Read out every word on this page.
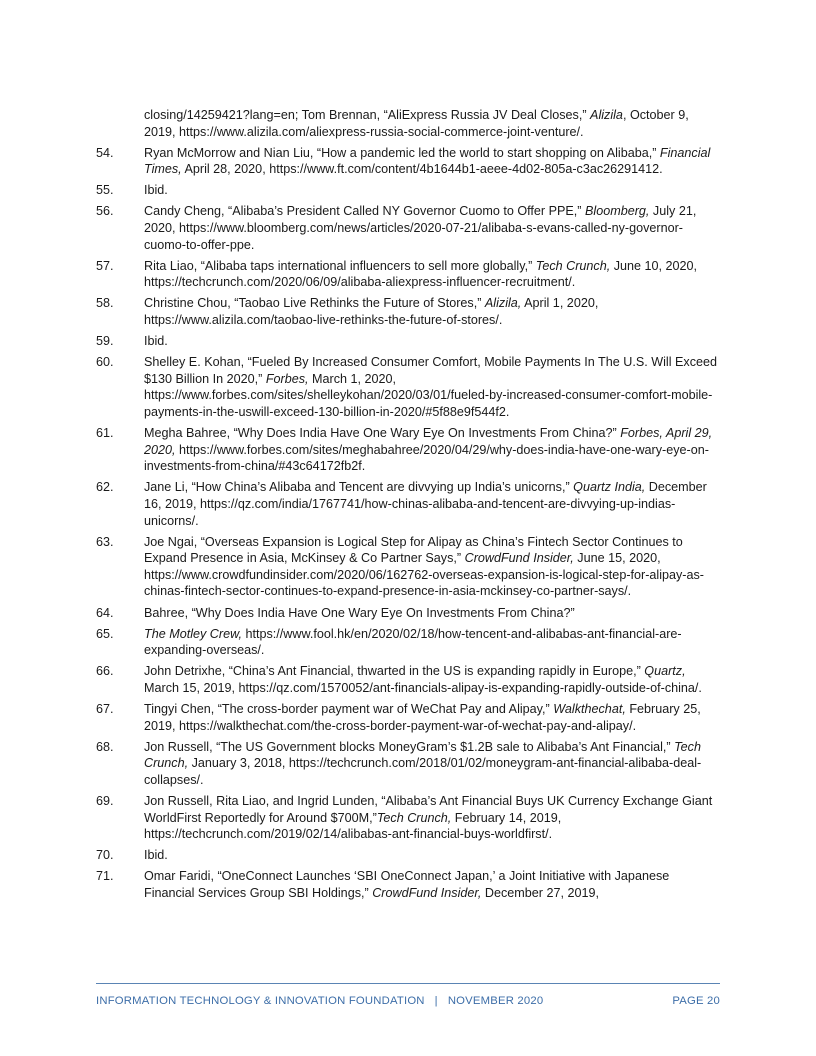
closing/14259421?lang=en; Tom Brennan, “AliExpress Russia JV Deal Closes,” Alizila, October 9, 2019, https://www.alizila.com/aliexpress-russia-social-commerce-joint-venture/.
54.	Ryan McMorrow and Nian Liu, “How a pandemic led the world to start shopping on Alibaba,” Financial Times, April 28, 2020, https://www.ft.com/content/4b1644b1-aeee-4d02-805a-c3ac26291412.
55.	Ibid.
56.	Candy Cheng, “Alibaba’s President Called NY Governor Cuomo to Offer PPE,” Bloomberg, July 21, 2020, https://www.bloomberg.com/news/articles/2020-07-21/alibaba-s-evans-called-ny-governor-cuomo-to-offer-ppe.
57.	Rita Liao, “Alibaba taps international influencers to sell more globally,” Tech Crunch, June 10, 2020, https://techcrunch.com/2020/06/09/alibaba-aliexpress-influencer-recruitment/.
58.	Christine Chou, “Taobao Live Rethinks the Future of Stores,” Alizila, April 1, 2020, https://www.alizila.com/taobao-live-rethinks-the-future-of-stores/.
59.	Ibid.
60.	Shelley E. Kohan, “Fueled By Increased Consumer Comfort, Mobile Payments In The U.S. Will Exceed $130 Billion In 2020,” Forbes, March 1, 2020, https://www.forbes.com/sites/shelleykohan/2020/03/01/fueled-by-increased-consumer-comfort-mobile-payments-in-the-uswill-exceed-130-billion-in-2020/#5f88e9f544f2.
61.	Megha Bahree, “Why Does India Have One Wary Eye On Investments From China?” Forbes, April 29, 2020, https://www.forbes.com/sites/meghabahree/2020/04/29/why-does-india-have-one-wary-eye-on-investments-from-china/#43c64172fb2f.
62.	Jane Li, “How China’s Alibaba and Tencent are divvying up India’s unicorns,” Quartz India, December 16, 2019, https://qz.com/india/1767741/how-chinas-alibaba-and-tencent-are-divvying-up-indias-unicorns/.
63.	Joe Ngai, “Overseas Expansion is Logical Step for Alipay as China’s Fintech Sector Continues to Expand Presence in Asia, McKinsey & Co Partner Says,” CrowdFund Insider, June 15, 2020, https://www.crowdfundinsider.com/2020/06/162762-overseas-expansion-is-logical-step-for-alipay-as-chinas-fintech-sector-continues-to-expand-presence-in-asia-mckinsey-co-partner-says/.
64.	Bahree, “Why Does India Have One Wary Eye On Investments From China?”
65.	The Motley Crew, https://www.fool.hk/en/2020/02/18/how-tencent-and-alibabas-ant-financial-are-expanding-overseas/.
66.	John Detrixhe, “China’s Ant Financial, thwarted in the US is expanding rapidly in Europe,” Quartz, March 15, 2019, https://qz.com/1570052/ant-financials-alipay-is-expanding-rapidly-outside-of-china/.
67.	Tingyi Chen, “The cross-border payment war of WeChat Pay and Alipay,” Walkthechat, February 25, 2019, https://walkthechat.com/the-cross-border-payment-war-of-wechat-pay-and-alipay/.
68.	Jon Russell, “The US Government blocks MoneyGram’s $1.2B sale to Alibaba’s Ant Financial,” Tech Crunch, January 3, 2018, https://techcrunch.com/2018/01/02/moneygram-ant-financial-alibaba-deal-collapses/.
69.	Jon Russell, Rita Liao, and Ingrid Lunden, “Alibaba’s Ant Financial Buys UK Currency Exchange Giant WorldFirst Reportedly for Around $700M,”Tech Crunch, February 14, 2019, https://techcrunch.com/2019/02/14/alibabas-ant-financial-buys-worldfirst/.
70.	Ibid.
71.	Omar Faridi, “OneConnect Launches ‘SBI OneConnect Japan,’ a Joint Initiative with Japanese Financial Services Group SBI Holdings,” CrowdFund Insider, December 27, 2019,
INFORMATION TECHNOLOGY & INNOVATION FOUNDATION | NOVEMBER 2020	PAGE 20
